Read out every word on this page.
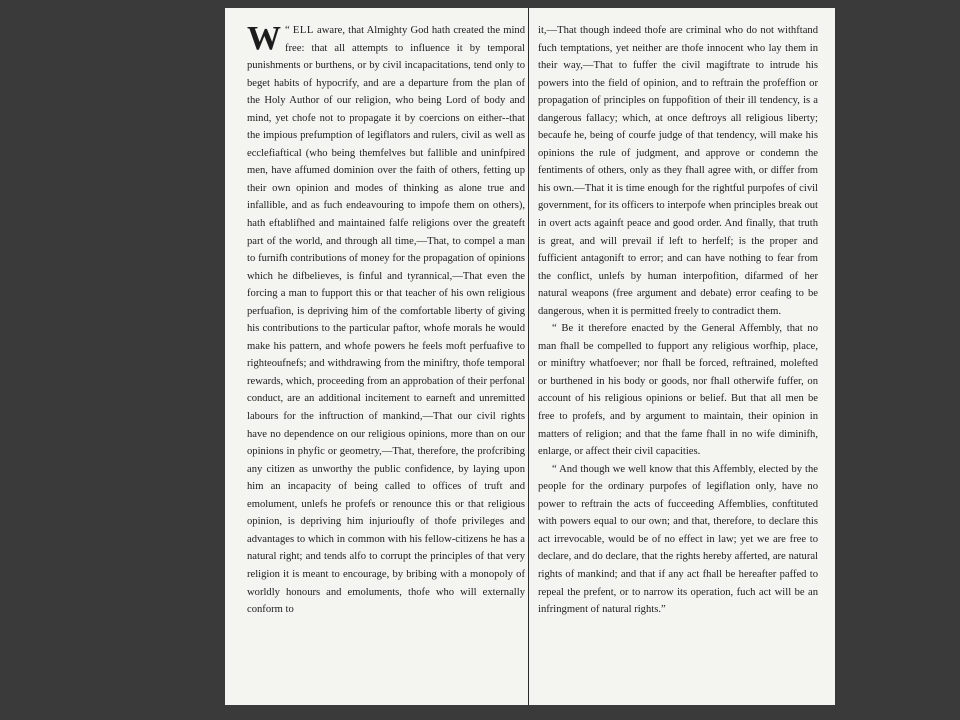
“
W ELL aware, that Almighty God hath created the mind free: that all attempts to influence it by temporal punishments or burthens, or by civil incapacitations, tend only to beget habits of hypocrify, and are a departure from the plan of the Holy Author of our religion, who being Lord of body and mind, yet chofe not to propagate it by coercions on either--that the impious prefumption of legiflators and rulers, civil as well as ecclefiaftical (who being themfelves but fallible and uninfpired men, have affumed dominion over the faith of others, fetting up their own opinion and modes of thinking as alone true and infallible, and as fuch endeavouring to impofe them on others), hath eftablifhed and maintained falfe religions over the greateft part of the world, and through all time,—That, to compel a man to furnifh contributions of money for the propagation of opinions which he difbelieves, is finful and tyrannical,—That even the forcing a man to fupport this or that teacher of his own religious perfuafion, is depriving him of the comfortable liberty of giving his contributions to the particular paftor, whofe morals he would make his pattern, and whofe powers he feels moft perfuafive to righteoufnefs; and withdrawing from the miniftry, thofe temporal rewards, which, proceeding from an approbation of their perfonal conduct, are an additional incitement to earneft and unremitted labours for the inftruction of mankind,—That our civil rights have no dependence on our religious opinions, more than on our opinions in phyfic or geometry,—That, therefore, the profcribing any citizen as unworthy the public confidence, by laying upon him an incapacity of being called to offices of truft and emolument, unlefs he profefs or renounce this or that religious opinion, is depriving him injurioufly of thofe privileges and advantages to which in common with his fellow-citizens he has a natural right; and tends alfo to corrupt the principles of that very religion it is meant to encourage, by bribing with a monopoly of worldly honours and emoluments, thofe who will externally conform to

it,—That though indeed thofe are criminal who do not withftand fuch temptations, yet neither are thofe innocent who lay them in their way,—That to fuffer the civil magiftrate to intrude his powers into the field of opinion, and to reftrain the profeffion or propagation of principles on fuppofition of their ill tendency, is a dangerous fallacy; which, at once deftroys all religious liberty; becaufe he, being of courfe judge of that tendency, will make his opinions the rule of judgment, and approve or condemn the fentiments of others, only as they fhall agree with, or differ from his own.—That it is time enough for the rightful purpofes of civil government, for its officers to interpofe when principles break out in overt acts againft peace and good order. And finally, that truth is great, and will prevail if left to herfelf; is the proper and fufficient antagonift to error; and can have nothing to fear from the conflict, unlefs by human interpofition, difarmed of her natural weapons (free argument and debate) error ceafing to be dangerous, when it is permitted freely to contradict them.

“ Be it therefore enacted by the General Affembly, that no man fhall be compelled to fupport any religious worfhip, place, or miniftry whatfoever; nor fhall be forced, reftrained, molefted or burthened in his body or goods, nor fhall otherwife fuffer, on account of his religious opinions or belief. But that all men be free to profefs, and by argument to maintain, their opinion in matters of religion; and that the fame fhall in no wife diminifh, enlarge, or affect their civil capacities.

“ And though we well know that this Affembly, elected by the people for the ordinary purpofes of legiflation only, have no power to reftrain the acts of fucceeding Affemblies, conftituted with powers equal to our own; and that, therefore, to declare this act irrevocable, would be of no effect in law; yet we are free to declare, and do declare, that the rights hereby afferted, are natural rights of mankind; and that if any act fhall be hereafter paffed to repeal the prefent, or to narrow its operation, fuch act will be an infringment of natural rights.”
